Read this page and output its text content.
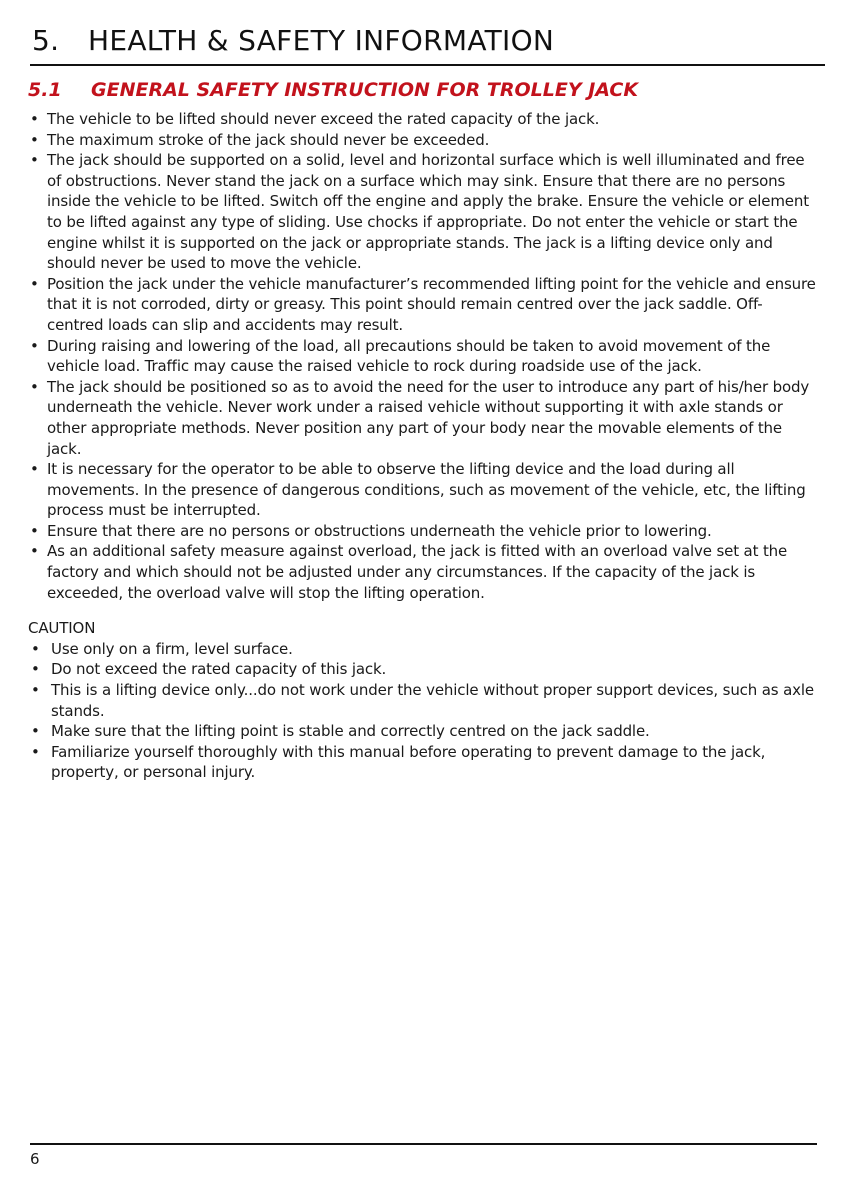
5. HEALTH & SAFETY INFORMATION
5.1 GENERAL SAFETY INSTRUCTION FOR TROLLEY JACK
• The vehicle to be lifted should never exceed the rated capacity of the jack.
• The maximum stroke of the jack should never be exceeded.
• The jack should be supported on a solid, level and horizontal surface which is well illuminated and free of obstructions. Never stand the jack on a surface which may sink. Ensure that there are no persons inside the vehicle to be lifted. Switch off the engine and apply the brake. Ensure the vehicle or element to be lifted against any type of sliding. Use chocks if appropriate. Do not enter the vehicle or start the engine whilst it is supported on the jack or appropriate stands. The jack is a lifting device only and should never be used to move the vehicle.
• Position the jack under the vehicle manufacturer’s recommended lifting point for the vehicle and ensure that it is not corroded, dirty or greasy. This point should remain centred over the jack saddle. Off-centred loads can slip and accidents may result.
• During raising and lowering of the load, all precautions should be taken to avoid movement of the vehicle load. Traffic may cause the raised vehicle to rock during roadside use of the jack.
• The jack should be positioned so as to avoid the need for the user to introduce any part of his/her body underneath the vehicle. Never work under a raised vehicle without supporting it with axle stands or other appropriate methods. Never position any part of your body near the movable elements of the jack.
• It is necessary for the operator to be able to observe the lifting device and the load during all movements. In the presence of dangerous conditions, such as movement of the vehicle, etc, the lifting process must be interrupted.
• Ensure that there are no persons or obstructions underneath the vehicle prior to lowering.
• As an additional safety measure against overload, the jack is fitted with an overload valve set at the factory and which should not be adjusted under any circumstances. If the capacity of the jack is exceeded, the overload valve will stop the lifting operation.
CAUTION
• Use only on a firm, level surface.
• Do not exceed the rated capacity of this jack.
• This is a lifting device only...do not work under the vehicle without proper support devices, such as axle stands.
• Make sure that the lifting point is stable and correctly centred on the jack saddle.
• Familiarize yourself thoroughly with this manual before operating to prevent damage to the jack, property, or personal injury.
6
